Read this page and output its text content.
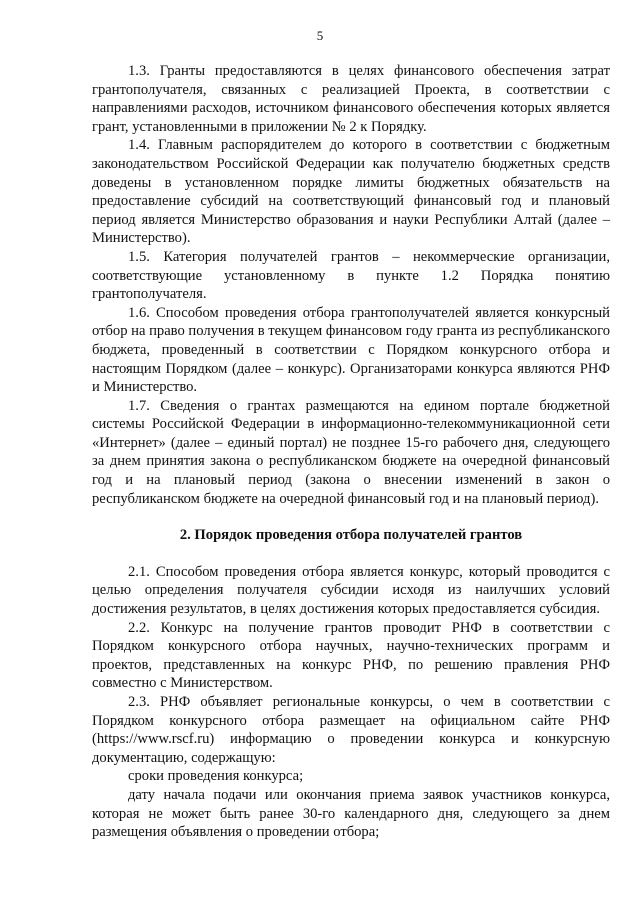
5

1.3. Гранты предоставляются в целях финансового обеспечения затрат грантополучателя, связанных с реализацией Проекта, в соответствии с направлениями расходов, источником финансового обеспечения которых является грант, установленными в приложении № 2 к Порядку.

1.4. Главным распорядителем до которого в соответствии с бюджетным законодательством Российской Федерации как получателю бюджетных средств доведены в установленном порядке лимиты бюджетных обязательств на предоставление субсидий на соответствующий финансовый год и плановый период является Министерство образования и науки Республики Алтай (далее – Министерство).

1.5. Категория получателей грантов – некоммерческие организации, соответствующие установленному в пункте 1.2 Порядка понятию грантополучателя.

1.6. Способом проведения отбора грантополучателей является конкурсный отбор на право получения в текущем финансовом году гранта из республиканского бюджета, проведенный в соответствии с Порядком конкурсного отбора и настоящим Порядком (далее – конкурс). Организаторами конкурса являются РНФ и Министерство.

1.7. Сведения о грантах размещаются на едином портале бюджетной системы Российской Федерации в информационно-телекоммуникационной сети «Интернет» (далее – единый портал) не позднее 15-го рабочего дня, следующего за днем принятия закона о республиканском бюджете на очередной финансовый год и на плановый период (закона о внесении изменений в закон о республиканском бюджете на очередной финансовый год и на плановый период).

2. Порядок проведения отбора получателей грантов

2.1. Способом проведения отбора является конкурс, который проводится с целью определения получателя субсидии исходя из наилучших условий достижения результатов, в целях достижения которых предоставляется субсидия.

2.2. Конкурс на получение грантов проводит РНФ в соответствии с Порядком конкурсного отбора научных, научно-технических программ и проектов, представленных на конкурс РНФ, по решению правления РНФ совместно с Министерством.

2.3. РНФ объявляет региональные конкурсы, о чем в соответствии с Порядком конкурсного отбора размещает на официальном сайте РНФ (https://www.rscf.ru) информацию о проведении конкурса и конкурсную документацию, содержащую:

сроки проведения конкурса;

дату начала подачи или окончания приема заявок участников конкурса, которая не может быть ранее 30-го календарного дня, следующего за днем размещения объявления о проведении отбора;
